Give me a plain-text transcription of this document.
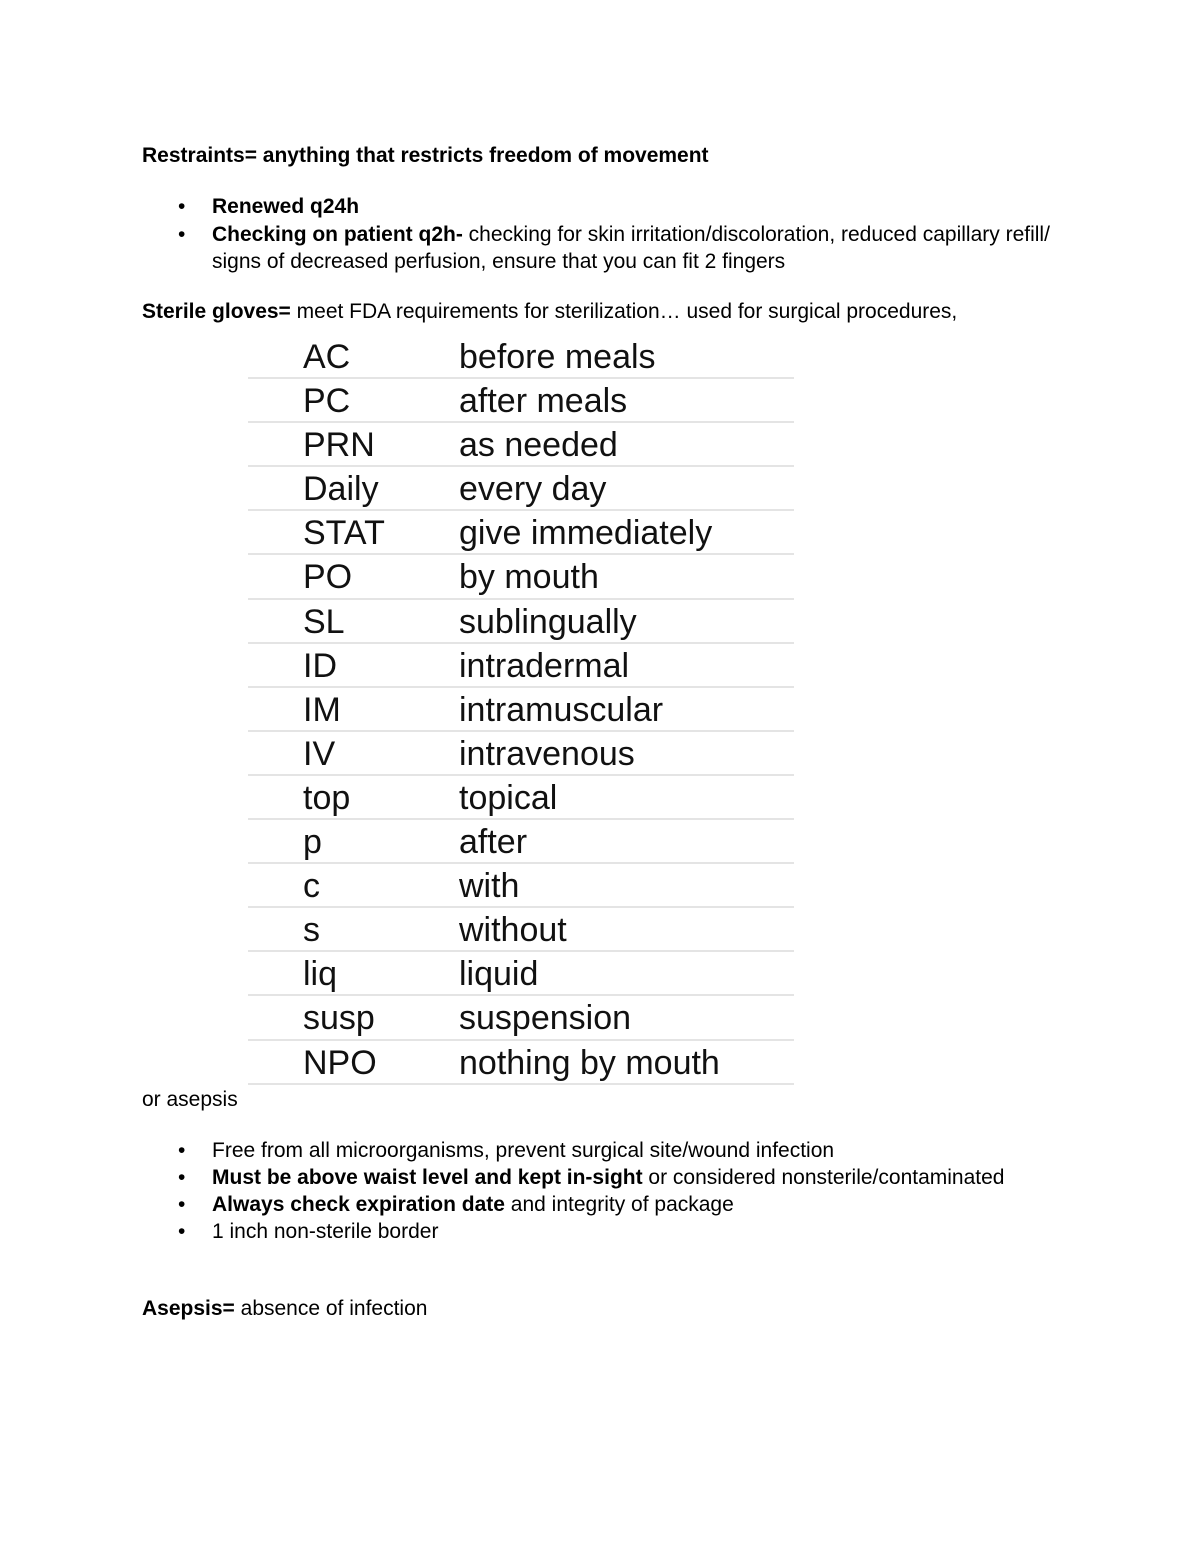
Restraints= anything that restricts freedom of movement
• Renewed q24h
• Checking on patient q2h- checking for skin irritation/discoloration, reduced capillary refill/ signs of decreased perfusion, ensure that you can fit 2 fingers
Sterile gloves= meet FDA requirements for sterilization… used for surgical procedures,
AC	before meals
PC	after meals
PRN as needed
Daily every day
STAT give immediately
PO	by mouth
SL	sublingually
ID	intradermal
IM	intramuscular
IV	intravenous
top	topical
p	after
c	with
s	without
liq	liquid
susp suspension
NPO nothing by mouth
or asepsis
• Free from all microorganisms, prevent surgical site/wound infection
• Must be above waist level and kept in-sight or considered nonsterile/contaminated
• Always check expiration date and integrity of package
• 1 inch non-sterile border
Asepsis= absence of infection
